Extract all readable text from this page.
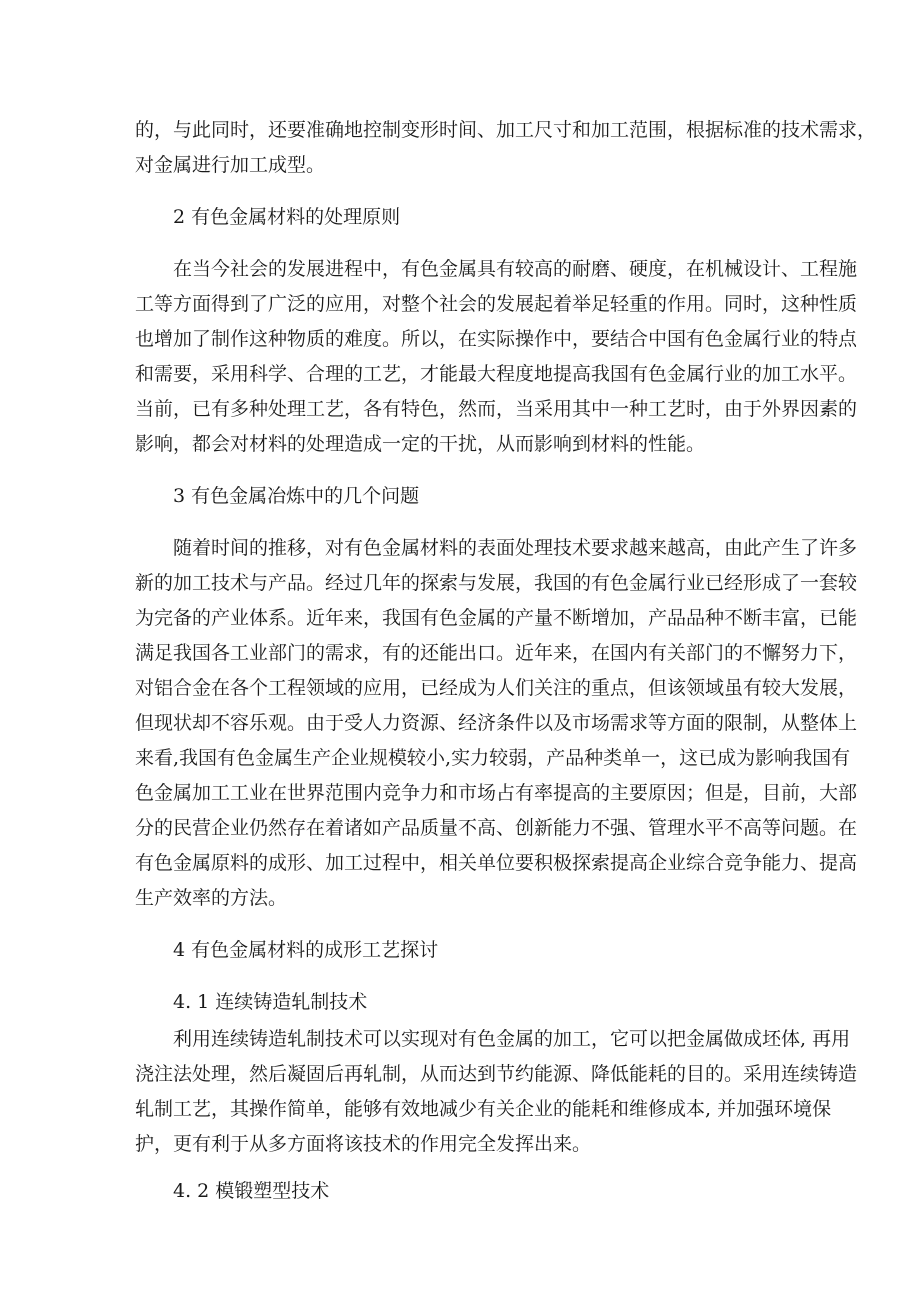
的，与此同时，还要准确地控制变形时间、加工尺寸和加工范围，根据标准的技术需求，
对金属进行加工成型。
2 有色金属材料的处理原则
在当今社会的发展进程中，有色金属具有较高的耐磨、硬度，在机械设计、工程施
工等方面得到了广泛的应用，对整个社会的发展起着举足轻重的作用。同时，这种性质
也增加了制作这种物质的难度。所以，在实际操作中，要结合中国有色金属行业的特点
和需要，采用科学、合理的工艺，才能最大程度地提高我国有色金属行业的加工水平。
当前，已有多种处理工艺，各有特色，然而，当采用其中一种工艺时，由于外界因素的
影响，都会对材料的处理造成一定的干扰，从而影响到材料的性能。
3 有色金属冶炼中的几个问题
随着时间的推移，对有色金属材料的表面处理技术要求越来越高，由此产生了许多
新的加工技术与产品。经过几年的探索与发展，我国的有色金属行业已经形成了一套较
为完备的产业体系。近年来，我国有色金属的产量不断增加，产品品种不断丰富，已能
满足我国各工业部门的需求，有的还能出口。近年来，在国内有关部门的不懈努力下，
对铝合金在各个工程领域的应用，已经成为人们关注的重点，但该领域虽有较大发展，
但现状却不容乐观。由于受人力资源、经济条件以及市场需求等方面的限制，从整体上
来看,我国有色金属生产企业规模较小,实力较弱，产品种类单一，这已成为影响我国有
色金属加工工业在世界范围内竞争力和市场占有率提高的主要原因；但是，目前，大部
分的民营企业仍然存在着诸如产品质量不高、创新能力不强、管理水平不高等问题。在
有色金属原料的成形、加工过程中，相关单位要积极探索提高企业综合竞争能力、提高
生产效率的方法。
4 有色金属材料的成形工艺探讨
4. 1 连续铸造轧制技术
利用连续铸造轧制技术可以实现对有色金属的加工，它可以把金属做成坯体, 再用
浇注法处理，然后凝固后再轧制，从而达到节约能源、降低能耗的目的。采用连续铸造
轧制工艺，其操作简单，能够有效地减少有关企业的能耗和维修成本, 并加强环境保
护，更有利于从多方面将该技术的作用完全发挥出来。
4. 2 模锻塑型技术
